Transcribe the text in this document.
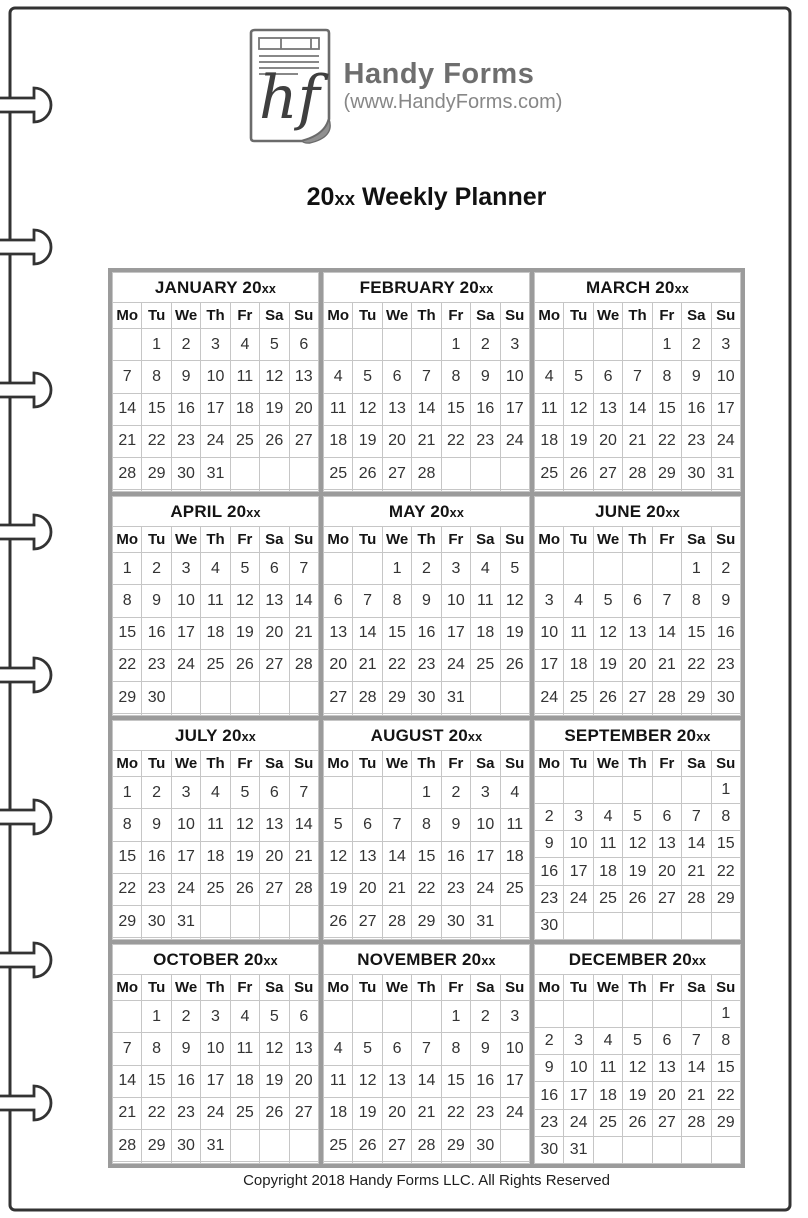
hf Handy Forms
(www.HandyForms.com)
20xx Weekly Planner
JANUARY 20xx						
Mo	Tu	We	Th	Fr	Sa	Su
	1	2	3	4	5	6
7	8	9	10	11	12	13
14	15	16	17	18	19	20
21	22	23	24	25	26	27
28	29	30	31			

FEBRUARY 20xx						
Mo	Tu	We	Th	Fr	Sa	Su
				1	2	3
4	5	6	7	8	9	10
11	12	13	14	15	16	17
18	19	20	21	22	23	24
25	26	27	28			

MARCH 20xx						
Mo	Tu	We	Th	Fr	Sa	Su
				1	2	3
4	5	6	7	8	9	10
11	12	13	14	15	16	17
18	19	20	21	22	23	24
25	26	27	28	29	30	31

APRIL 20xx						
Mo	Tu	We	Th	Fr	Sa	Su
1	2	3	4	5	6	7
8	9	10	11	12	13	14
15	16	17	18	19	20	21
22	23	24	25	26	27	28
29	30					

MAY 20xx						
Mo	Tu	We	Th	Fr	Sa	Su
		1	2	3	4	5
6	7	8	9	10	11	12
13	14	15	16	17	18	19
20	21	22	23	24	25	26
27	28	29	30	31		

JUNE 20xx						
Mo	Tu	We	Th	Fr	Sa	Su
					1	2
3	4	5	6	7	8	9
10	11	12	13	14	15	16
17	18	19	20	21	22	23
24	25	26	27	28	29	30

JULY 20xx						
Mo	Tu	We	Th	Fr	Sa	Su
1	2	3	4	5	6	7
8	9	10	11	12	13	14
15	16	17	18	19	20	21
22	23	24	25	26	27	28
29	30	31				

AUGUST 20xx						
Mo	Tu	We	Th	Fr	Sa	Su
			1	2	3	4
5	6	7	8	9	10	11
12	13	14	15	16	17	18
19	20	21	22	23	24	25
26	27	28	29	30	31	

SEPTEMBER 20xx						
Mo	Tu	We	Th	Fr	Sa	Su
						1
2	3	4	5	6	7	8
9	10	11	12	13	14	15
16	17	18	19	20	21	22
23	24	25	26	27	28	29
30						
OCTOBER 20xx						
Mo	Tu	We	Th	Fr	Sa	Su
	1	2	3	4	5	6
7	8	9	10	11	12	13
14	15	16	17	18	19	20
21	22	23	24	25	26	27
28	29	30	31			

NOVEMBER 20xx						
Mo	Tu	We	Th	Fr	Sa	Su
				1	2	3
4	5	6	7	8	9	10
11	12	13	14	15	16	17
18	19	20	21	22	23	24
25	26	27	28	29	30	

DECEMBER 20xx						
Mo	Tu	We	Th	Fr	Sa	Su
						1
2	3	4	5	6	7	8
9	10	11	12	13	14	15
16	17	18	19	20	21	22
23	24	25	26	27	28	29
30	31					
Copyright 2018 Handy Forms LLC. All Rights Reserved
